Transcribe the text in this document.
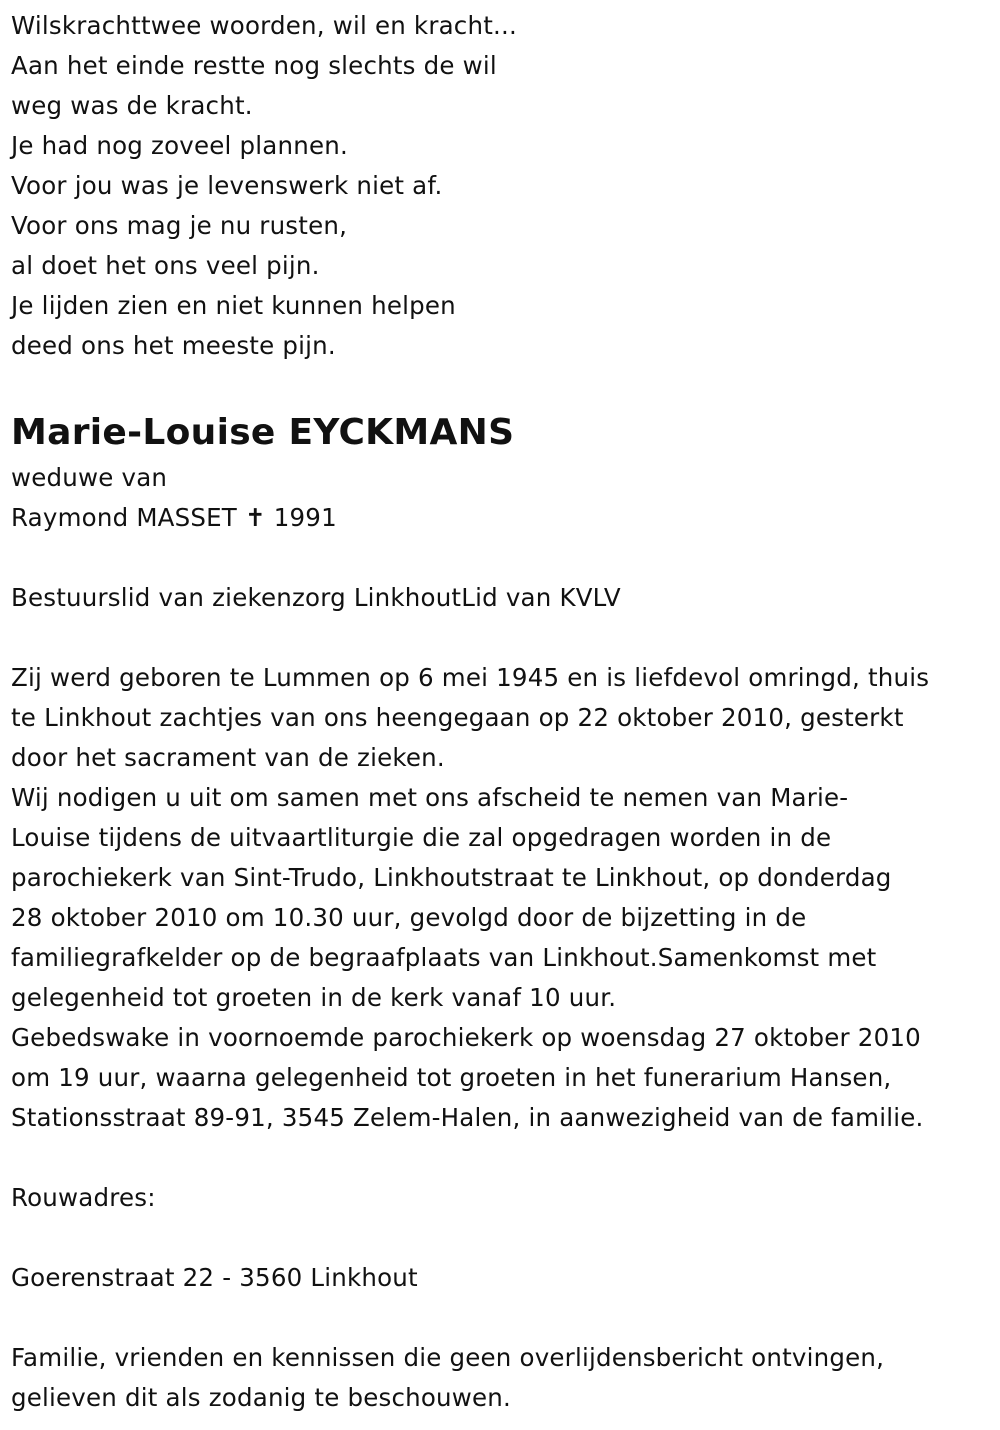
Wilskrachttwee woorden, wil en kracht...
Aan het einde restte nog slechts de wil
weg was de kracht.
Je had nog zoveel plannen.
Voor jou was je levenswerk niet af.
Voor ons mag je nu rusten,
al doet het ons veel pijn.
Je lijden zien en niet kunnen helpen
deed ons het meeste pijn.
Marie-Louise EYCKMANS
weduwe van
Raymond MASSET ✝ 1991
Bestuurslid van ziekenzorg LinkhoutLid van KVLV
Zij werd geboren te Lummen op 6 mei 1945 en is liefdevol omringd, thuis
te Linkhout zachtjes van ons heengegaan op 22 oktober 2010, gesterkt
door het sacrament van de zieken.
Wij nodigen u uit om samen met ons afscheid te nemen van Marie-
Louise tijdens de uitvaartliturgie die zal opgedragen worden in de
parochiekerk van Sint-Trudo, Linkhoutstraat te Linkhout, op donderdag
28 oktober 2010 om 10.30 uur, gevolgd door de bijzetting in de
familiegrafkelder op de begraafplaats van Linkhout.Samenkomst met
gelegenheid tot groeten in de kerk vanaf 10 uur.
Gebedswake in voornoemde parochiekerk op woensdag 27 oktober 2010
om 19 uur, waarna gelegenheid tot groeten in het funerarium Hansen,
Stationsstraat 89-91, 3545 Zelem-Halen, in aanwezigheid van de familie.
Rouwadres:
Goerenstraat 22 - 3560 Linkhout
Familie, vrienden en kennissen die geen overlijdensbericht ontvingen,
gelieven dit als zodanig te beschouwen.
